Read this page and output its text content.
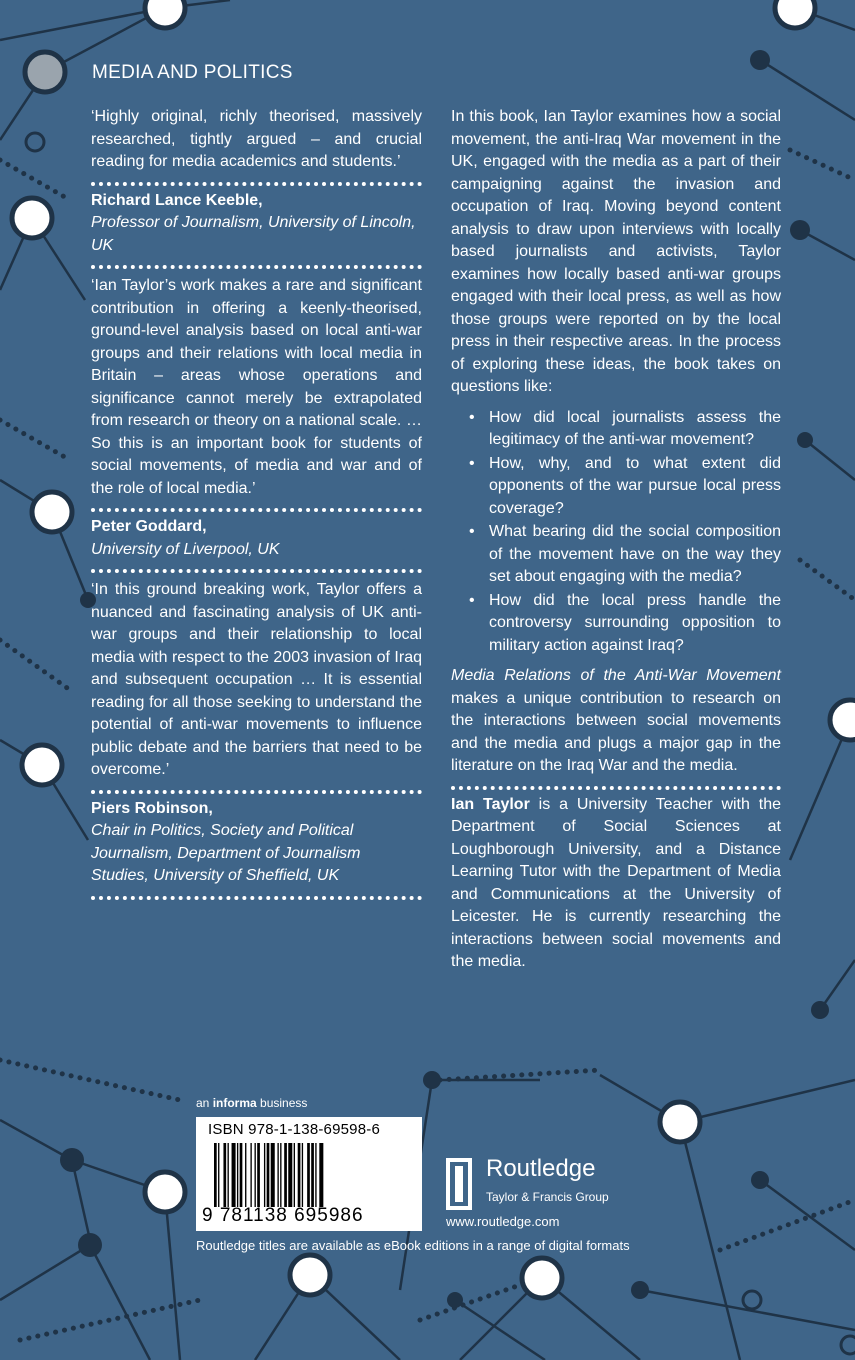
MEDIA AND POLITICS

‘Highly original, richly theorised, massively researched, tightly argued – and crucial reading for media academics and students.’

Richard Lance Keeble,
Professor of Journalism, University of Lincoln, UK

‘Ian Taylor’s work makes a rare and significant contribution in offering a keenly-theorised, ground-level analysis based on local anti-war groups and their relations with local media in Britain – areas whose operations and significance cannot merely be extrapolated from research or theory on a national scale. … So this is an important book for students of social movements, of media and war and of the role of local media.’

Peter Goddard,
University of Liverpool, UK

‘In this ground breaking work, Taylor offers a nuanced and fascinating analysis of UK anti-war groups and their relationship to local media with respect to the 2003 invasion of Iraq and subsequent occupation … It is essential reading for all those seeking to understand the potential of anti-war movements to influence public debate and the barriers that need to be overcome.’

Piers Robinson,
Chair in Politics, Society and Political Journalism, Department of Journalism Studies, University of Sheffield, UK

In this book, Ian Taylor examines how a social movement, the anti-Iraq War movement in the UK, engaged with the media as a part of their campaigning against the invasion and occupation of Iraq. Moving beyond content analysis to draw upon interviews with locally based journalists and activists, Taylor examines how locally based anti-war groups engaged with their local press, as well as how those groups were reported on by the local press in their respective areas. In the process of exploring these ideas, the book takes on questions like:

• How did local journalists assess the legitimacy of the anti-war movement?
• How, why, and to what extent did opponents of the war pursue local press coverage?
• What bearing did the social composition of the movement have on the way they set about engaging with the media?
• How did the local press handle the controversy surrounding opposition to military action against Iraq?

Media Relations of the Anti-War Movement makes a unique contribution to research on the interactions between social movements and the media and plugs a major gap in the literature on the Iraq War and the media.

Ian Taylor is a University Teacher with the Department of Social Sciences at Loughborough University, and a Distance Learning Tutor with the Department of Media and Communications at the University of Leicester. He is currently researching the interactions between social movements and the media.

an informa business
ISBN 978-1-138-69598-6
9 781138 695986
Routledge
Taylor & Francis Group
www.routledge.com
Routledge titles are available as eBook editions in a range of digital formats
